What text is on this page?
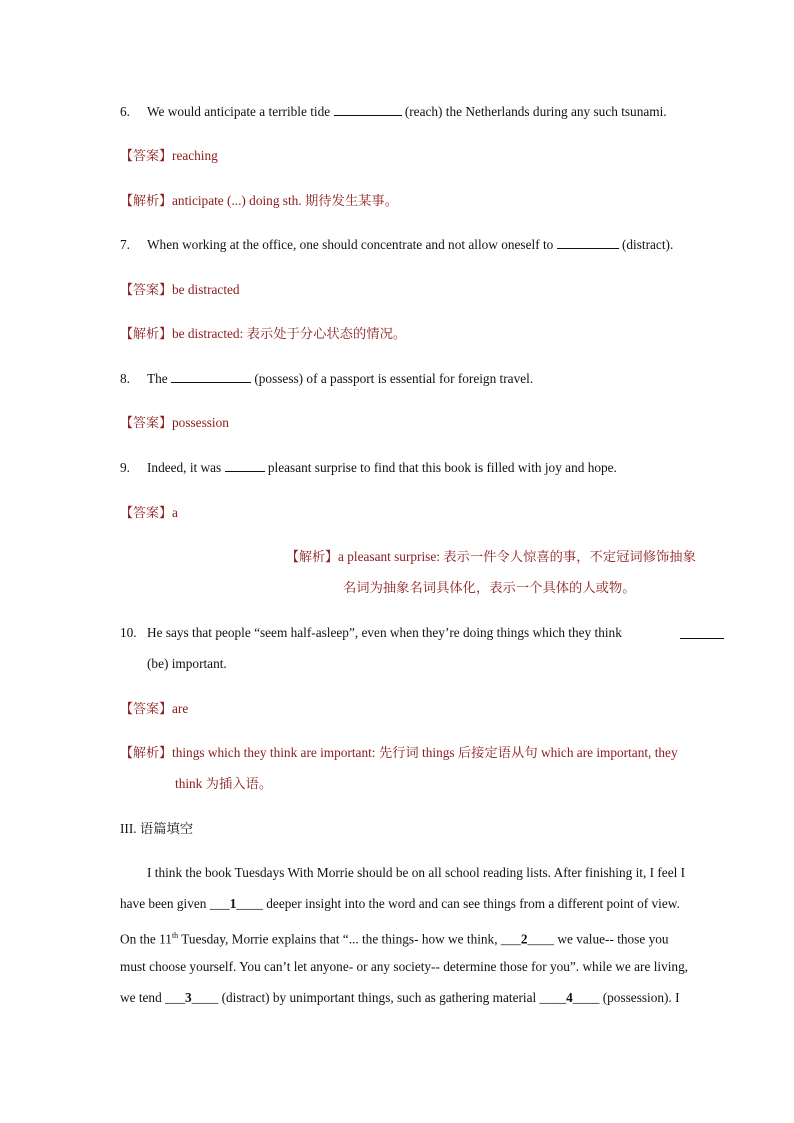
6. We would anticipate a terrible tide	(reach) the Netherlands during any such tsunami.
【答案】reaching
【解析】anticipate (...) doing sth. 期待发生某事。
7. When working at the office, one should concentrate and not allow oneself to	(distract).
【答案】be distracted
【解析】be distracted: 表示处于分心状态的情况。
8. The	(possess) of a passport is essential for foreign travel.
【答案】possession
9. Indeed, it was	pleasant surprise to find that this book is filled with joy and hope.
【答案】a
【解析】a pleasant surprise: 表示一件令人惊喜的事，不定冠词修饰抽象
名词为抽象名词具体化，表示一个具体的人或物。
10. He says that people “seem half-asleep”, even when they’re doing things which they think
(be) important.
【答案】are
【解析】things which they think are important: 先行词 things 后接定语从句 which are important, they
think 为插入语。
III. 语篇填空
I think the book Tuesdays With Morrie should be on all school reading lists. After finishing it, I feel I
have been given ___1____ deeper insight into the word and can see things from a different point of view.
On the 11th Tuesday, Morrie explains that “... the things- how we think, ___2____ we value-- those you
must choose yourself. You can’t let anyone- or any society-- determine those for you”. while we are living,
we tend ___3____ (distract) by unimportant things, such as gathering material ____4____ (possession). I
